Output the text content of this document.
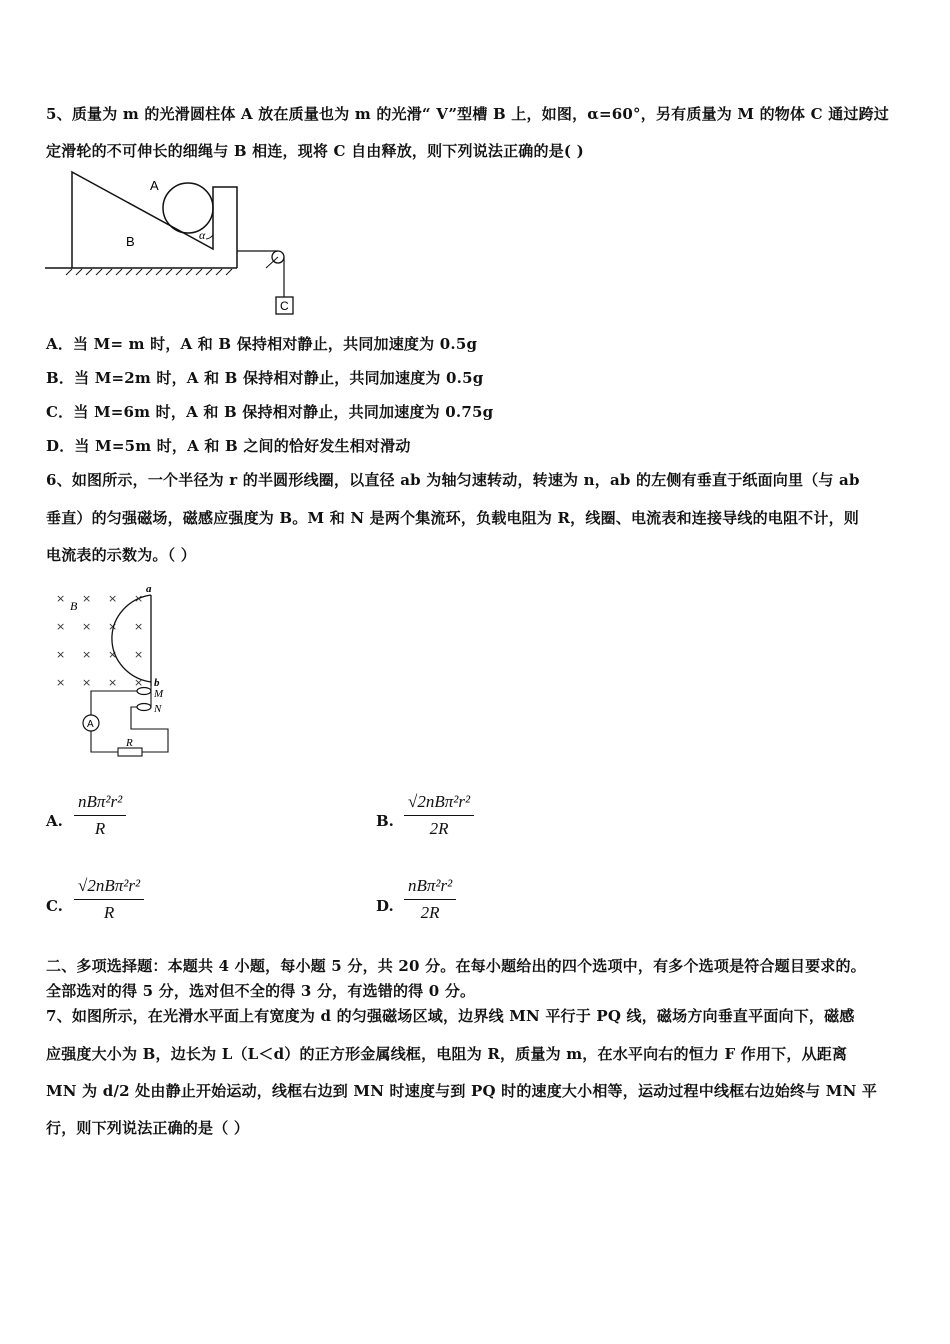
5、质量为 m 的光滑圆柱体 A 放在质量也为 m 的光滑“ V”型槽 B 上，如图，α=60°，另有质量为 M 的物体 C 通过跨过
定滑轮的不可伸长的细绳与 B 相连，现将 C 自由释放，则下列说法正确的是( )
A
B	α
C
A．当 M= m 时，A 和 B 保持相对静止，共同加速度为 0.5g
B．当 M=2m 时，A 和 B 保持相对静止，共同加速度为 0.5g
C．当 M=6m 时，A 和 B 保持相对静止，共同加速度为 0.75g
D．当 M=5m 时，A 和 B 之间的恰好发生相对滑动
6、如图所示，一个半径为 r 的半圆形线圈，以直径 ab 为轴匀速转动，转速为 n，ab 的左侧有垂直于纸面向里（与 ab
垂直）的匀强磁场，磁感应强度为 B。M 和 N 是两个集流环，负载电阻为 R，线圈、电流表和连接导线的电阻不计，则
电流表的示数为。（ ）
B
× × × ×
× × × ×
× × × ×
× × × ×
a
b
M
N
A
R
A.
nBπ²r²
R	B.
√2nBπ²r²
2R
C.
√2nBπ²r²
R	D.
nBπ²r²
2R
二、多项选择题：本题共 4 小题，每小题 5 分，共 20 分。在每小题给出的四个选项中，有多个选项是符合题目要求的。
全部选对的得 5 分，选对但不全的得 3 分，有选错的得 0 分。
7、如图所示，在光滑水平面上有宽度为 d 的匀强磁场区域，边界线 MN 平行于 PQ 线，磁场方向垂直平面向下，磁感
应强度大小为 B，边长为 L（L＜d）的正方形金属线框，电阻为 R，质量为 m，在水平向右的恒力 F 作用下，从距离
MN 为 d/2 处由静止开始运动，线框右边到 MN 时速度与到 PQ 时的速度大小相等，运动过程中线框右边始终与 MN 平
行，则下列说法正确的是（ ）
